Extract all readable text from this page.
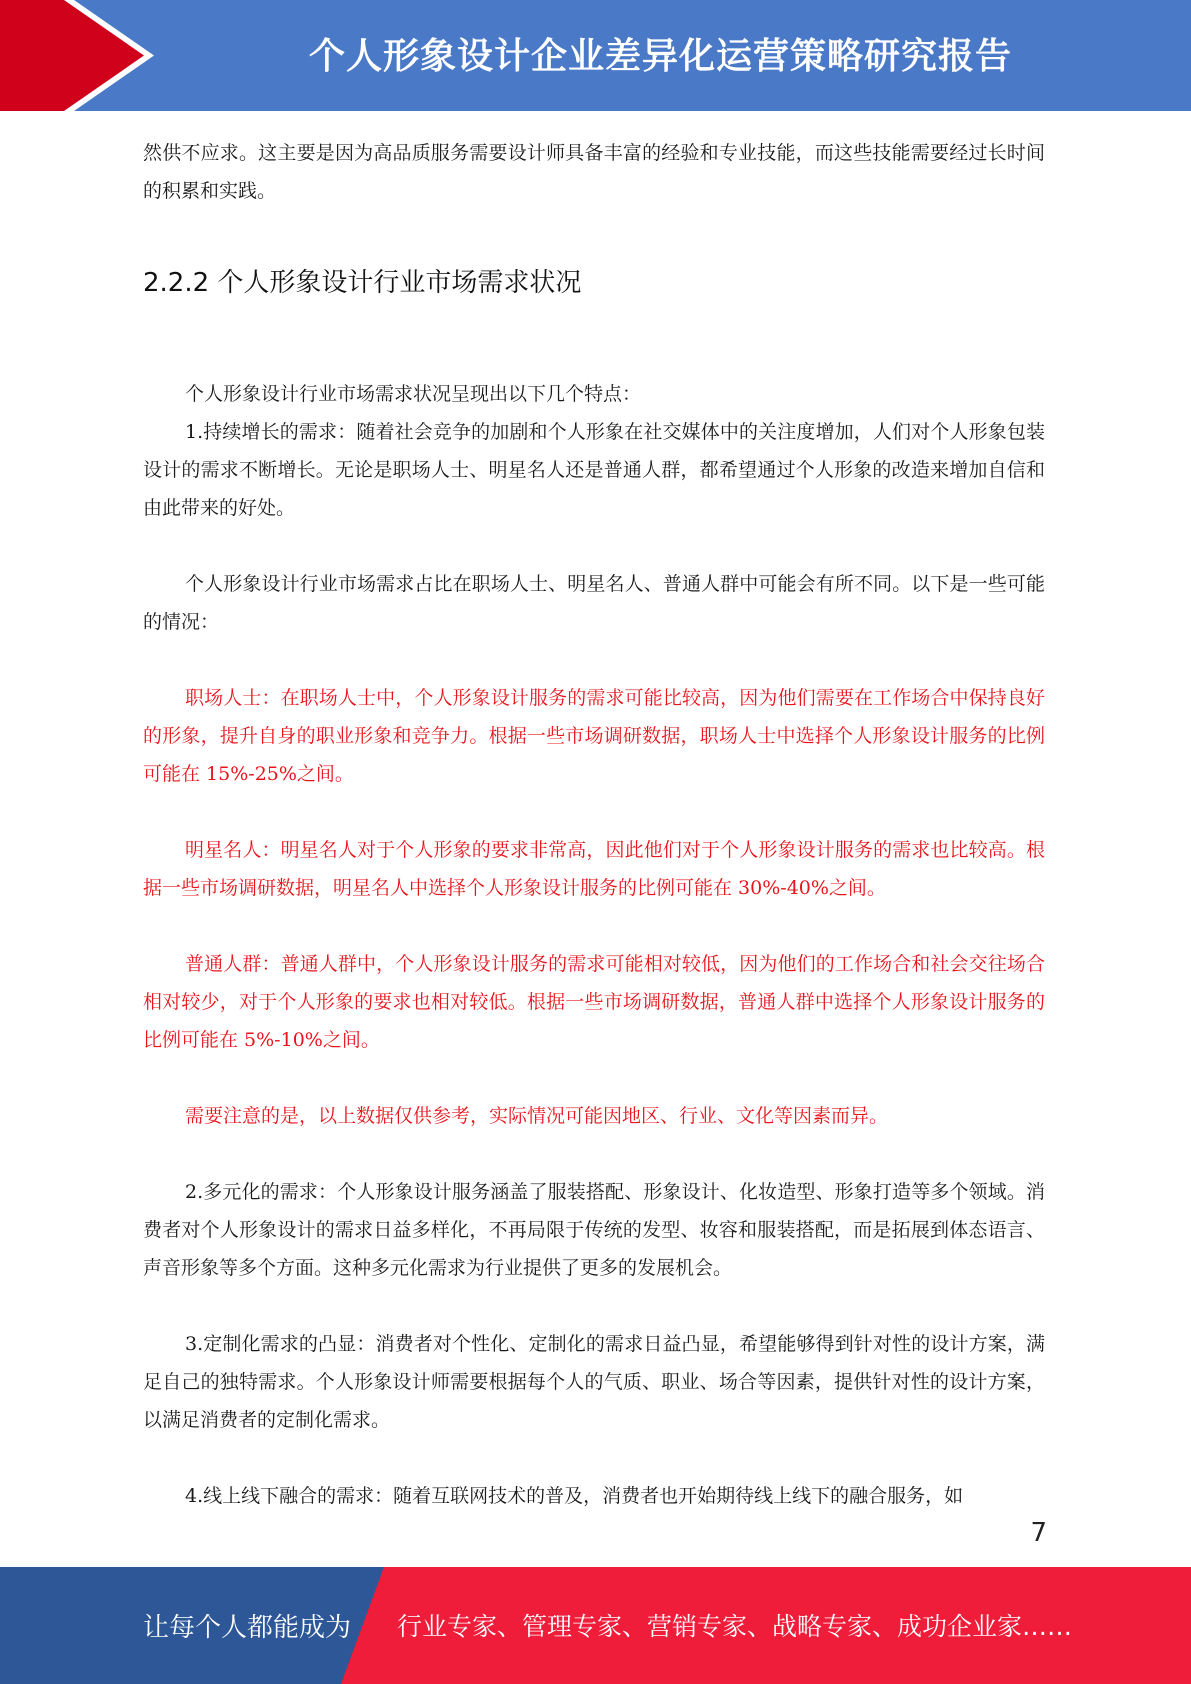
个人形象设计企业差异化运营策略研究报告

然供不应求。这主要是因为高品质服务需要设计师具备丰富的经验和专业技能，而这些技能需要经过长时间的积累和实践。

2.2.2 个人形象设计行业市场需求状况

个人形象设计行业市场需求状况呈现出以下几个特点：

1.持续增长的需求：随着社会竞争的加剧和个人形象在社交媒体中的关注度增加，人们对个人形象包装设计的需求不断增长。无论是职场人士、明星名人还是普通人群，都希望通过个人形象的改造来增加自信和由此带来的好处。

个人形象设计行业市场需求占比在职场人士、明星名人、普通人群中可能会有所不同。以下是一些可能的情况：

职场人士：在职场人士中，个人形象设计服务的需求可能比较高，因为他们需要在工作场合中保持良好的形象，提升自身的职业形象和竞争力。根据一些市场调研数据，职场人士中选择个人形象设计服务的比例可能在 15%-25%之间。

明星名人：明星名人对于个人形象的要求非常高，因此他们对于个人形象设计服务的需求也比较高。根据一些市场调研数据，明星名人中选择个人形象设计服务的比例可能在 30%-40%之间。

普通人群：普通人群中，个人形象设计服务的需求可能相对较低，因为他们的工作场合和社会交往场合相对较少，对于个人形象的要求也相对较低。根据一些市场调研数据，普通人群中选择个人形象设计服务的比例可能在 5%-10%之间。

需要注意的是，以上数据仅供参考，实际情况可能因地区、行业、文化等因素而异。

2.多元化的需求：个人形象设计服务涵盖了服装搭配、形象设计、化妆造型、形象打造等多个领域。消费者对个人形象设计的需求日益多样化，不再局限于传统的发型、妆容和服装搭配，而是拓展到体态语言、声音形象等多个方面。这种多元化需求为行业提供了更多的发展机会。

3.定制化需求的凸显：消费者对个性化、定制化的需求日益凸显，希望能够得到针对性的设计方案，满足自己的独特需求。个人形象设计师需要根据每个人的气质、职业、场合等因素，提供针对性的设计方案，以满足消费者的定制化需求。

4.线上线下融合的需求：随着互联网技术的普及，消费者也开始期待线上线下的融合服务，如

7
让每个人都能成为 行业专家、管理专家、营销专家、战略专家、成功企业家……
